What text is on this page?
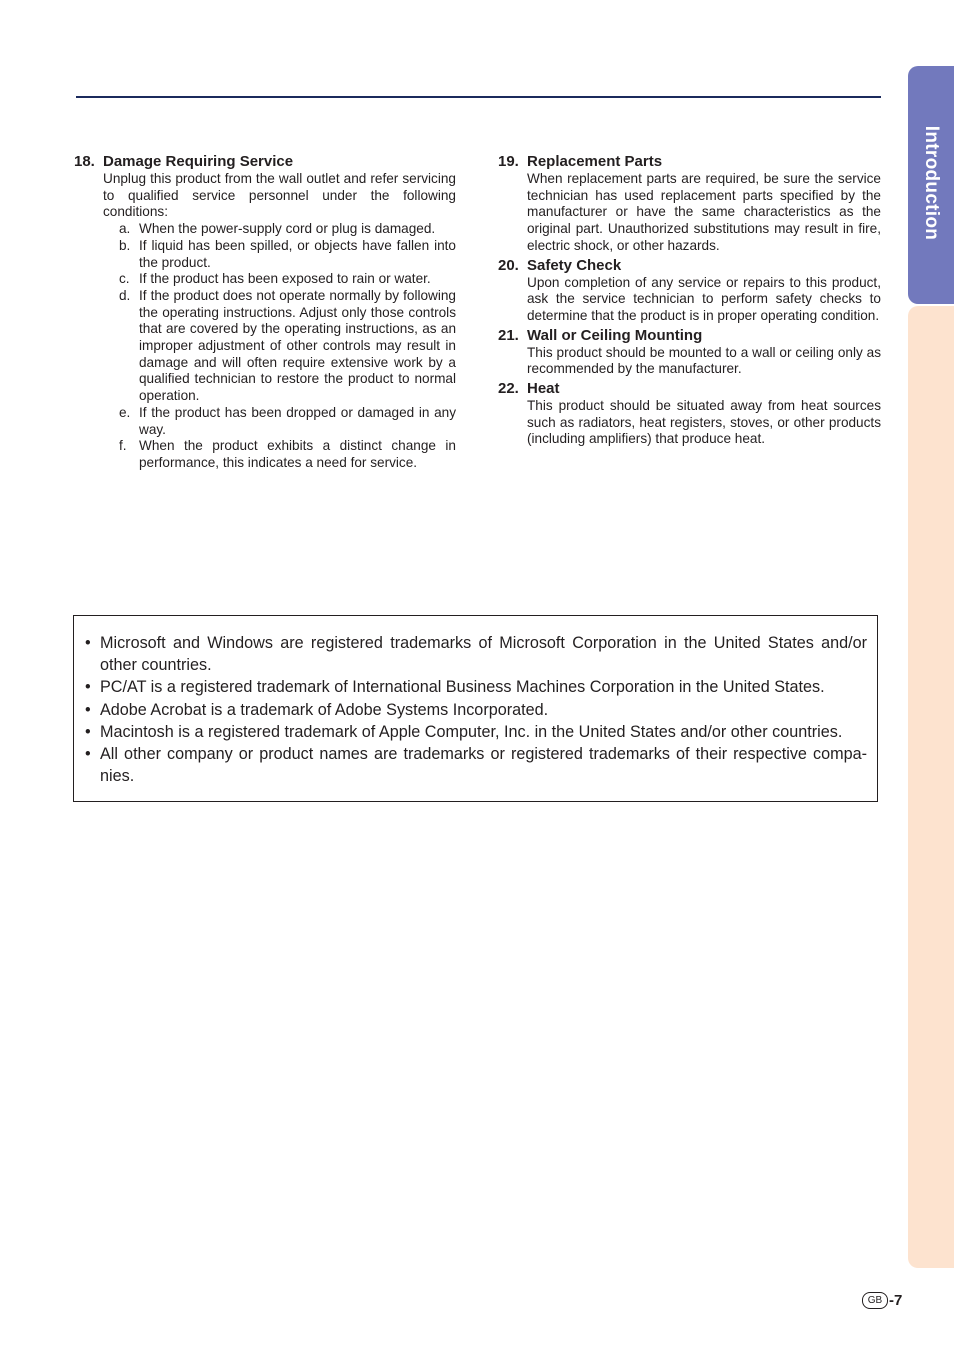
Introduction
18. Damage Requiring Service

Unplug this product from the wall outlet and refer servicing to qualified service personnel under the following conditions:

a. When the power-supply cord or plug is damaged.
b. If liquid has been spilled, or objects have fallen into the product.
c. If the product has been exposed to rain or water.
d. If the product does not operate normally by following the operating instructions. Adjust only those controls that are covered by the operating instructions, as an improper adjustment of other controls may result in damage and will often require extensive work by a qualified technician to restore the product to normal operation.
e. If the product has been dropped or damaged in any way.
f. When the product exhibits a distinct change in performance, this indicates a need for service.
19. Replacement Parts

When replacement parts are required, be sure the service technician has used replacement parts specified by the manufacturer or have the same characteristics as the original part. Unauthorized substitutions may result in fire, electric shock, or other hazards.

20. Safety Check

Upon completion of any service or repairs to this product, ask the service technician to perform safety checks to determine that the product is in proper operating condition.

21. Wall or Ceiling Mounting

This product should be mounted to a wall or ceiling only as recommended by the manufacturer.

22. Heat

This product should be situated away from heat sources such as radiators, heat registers, stoves, or other products (including amplifiers) that produce heat.

• Microsoft and Windows are registered trademarks of Microsoft Corporation in the United States and/or other countries.
• PC/AT is a registered trademark of International Business Machines Corporation in the United States.
• Adobe Acrobat is a trademark of Adobe Systems Incorporated.
• Macintosh is a registered trademark of Apple Computer, Inc. in the United States and/or other countries.
• All other company or product names are trademarks or registered trademarks of their respective compa-nies.
GB -7
